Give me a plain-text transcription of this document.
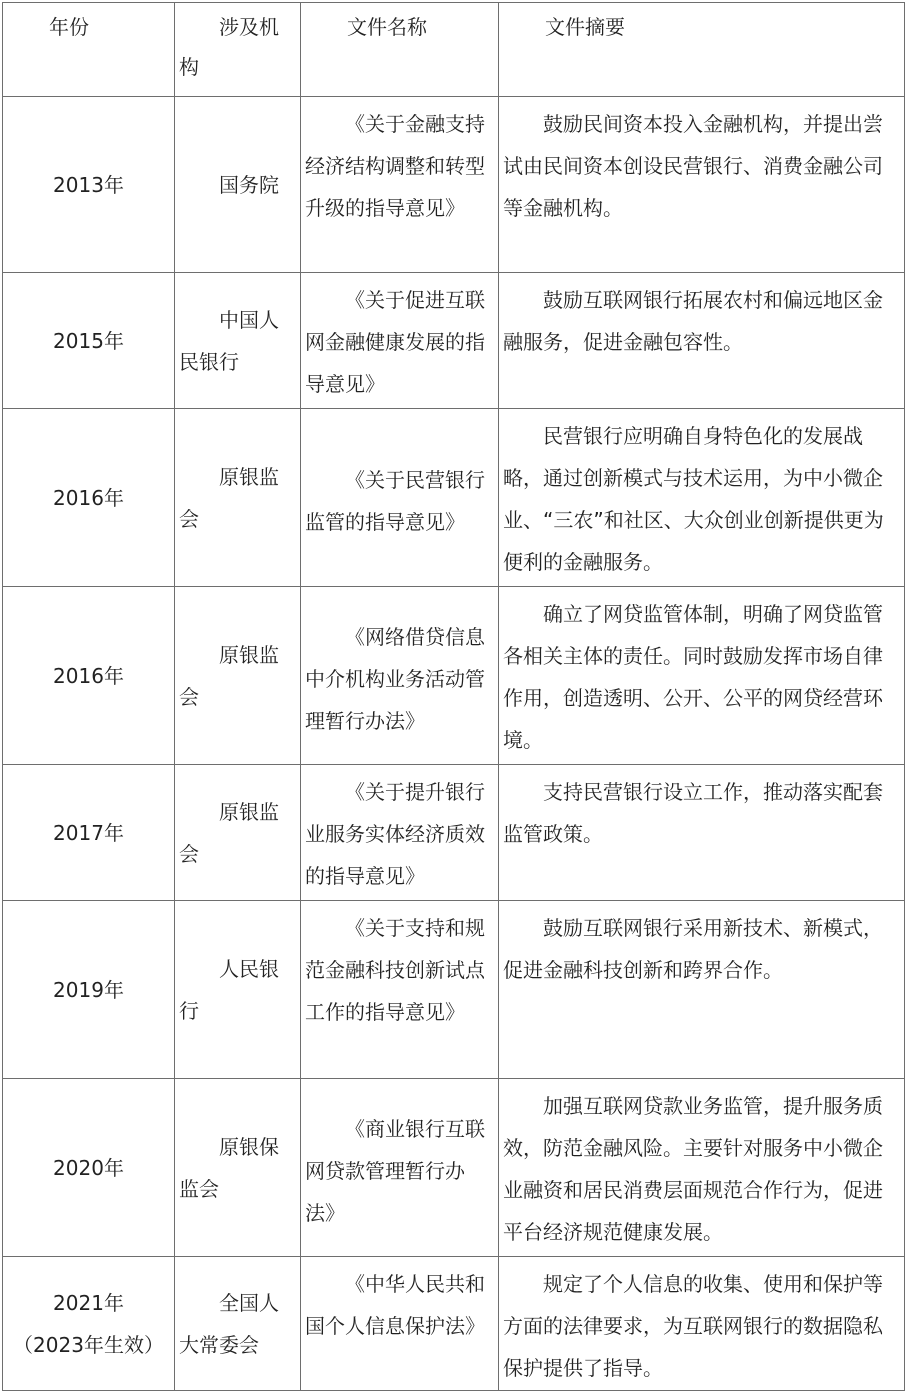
年份	涉及机构	文件名称	文件摘要

2013年	国务院	《关于金融支持经济结构调整和转型升级的指导意见》	鼓励民间资本投入金融机构，并提出尝试由民间资本创设民营银行、消费金融公司等金融机构。

2015年	中国人民银行	《关于促进互联网金融健康发展的指导意见》	鼓励互联网银行拓展农村和偏远地区金融服务，促进金融包容性。

2016年	原银监会	《关于民营银行监管的指导意见》	民营银行应明确自身特色化的发展战略，通过创新模式与技术运用，为中小微企业、“三农”和社区、大众创业创新提供更为便利的金融服务。

2016年	原银监会	《网络借贷信息中介机构业务活动管理暂行办法》	确立了网贷监管体制，明确了网贷监管各相关主体的责任。同时鼓励发挥市场自律作用，创造透明、公开、公平的网贷经营环境。

2017年	原银监会	《关于提升银行业服务实体经济质效的指导意见》	支持民营银行设立工作，推动落实配套监管政策。

2019年	人民银行	《关于支持和规范金融科技创新试点工作的指导意见》	鼓励互联网银行采用新技术、新模式，促进金融科技创新和跨界合作。

2020年	原银保监会	《商业银行互联网贷款管理暂行办法》	加强互联网贷款业务监管，提升服务质效，防范金融风险。主要针对服务中小微企业融资和居民消费层面规范合作行为，促进平台经济规范健康发展。

2021年
（2023年生效）	全国人大常委会	《中华人民共和国个人信息保护法》	规定了个人信息的收集、使用和保护等方面的法律要求，为互联网银行的数据隐私保护提供了指导。
